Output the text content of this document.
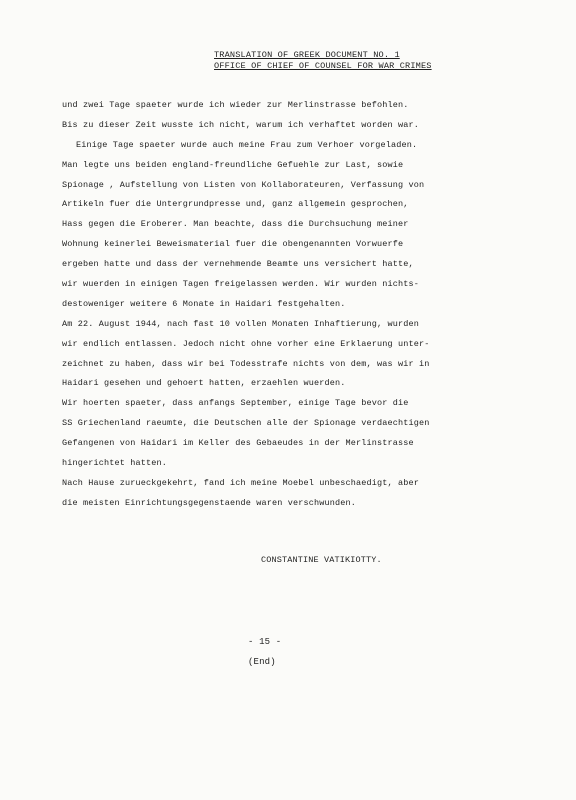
TRANSLATION OF GREEK DOCUMENT NO. 1
OFFICE OF CHIEF OF COUNSEL FOR WAR CRIMES
und zwei Tage spaeter wurde ich wieder zur Merlinstrasse befohlen.
Bis zu dieser Zeit wusste ich nicht, warum ich verhaftet worden war.
Einige Tage spaeter wurde auch meine Frau zum Verhoer vorgeladen.
Man legte uns beiden england-freundliche Gefuehle zur Last, sowie
Spionage , Aufstellung von Listen von Kollaborateuren, Verfassung von
Artikeln fuer die Untergrundpresse und, ganz allgemein gesprochen,
Hass gegen die Eroberer. Man beachte, dass die Durchsuchung meiner
Wohnung keinerlei Beweismaterial fuer die obengenannten Vorwuerfe
ergeben hatte und dass der vernehmende Beamte uns versichert hatte,
wir wuerden in einigen Tagen freigelassen werden. Wir wurden nichts-
destoweniger weitere 6 Monate in Haidari festgehalten.
Am 22. August 1944, nach fast 10 vollen Monaten Inhaftierung, wurden
wir endlich entlassen. Jedoch nicht ohne vorher eine Erklaerung unter-
zeichnet zu haben, dass wir bei Todesstrafe nichts von dem, was wir in
Haidari gesehen und gehoert hatten, erzaehlen wuerden.
Wir hoerten spaeter, dass anfangs September, einige Tage bevor die
SS Griechenland raeumte, die Deutschen alle der Spionage verdaechtigen
Gefangenen von Haidari im Keller des Gebaeudes in der Merlinstrasse
hingerichtet hatten.
Nach Hause zurueckgekehrt, fand ich meine Moebel unbeschaedigt, aber
die meisten Einrichtungsgegenstaende waren verschwunden.
CONSTANTINE VATIKIOTTY.
- 15 -
(End)
